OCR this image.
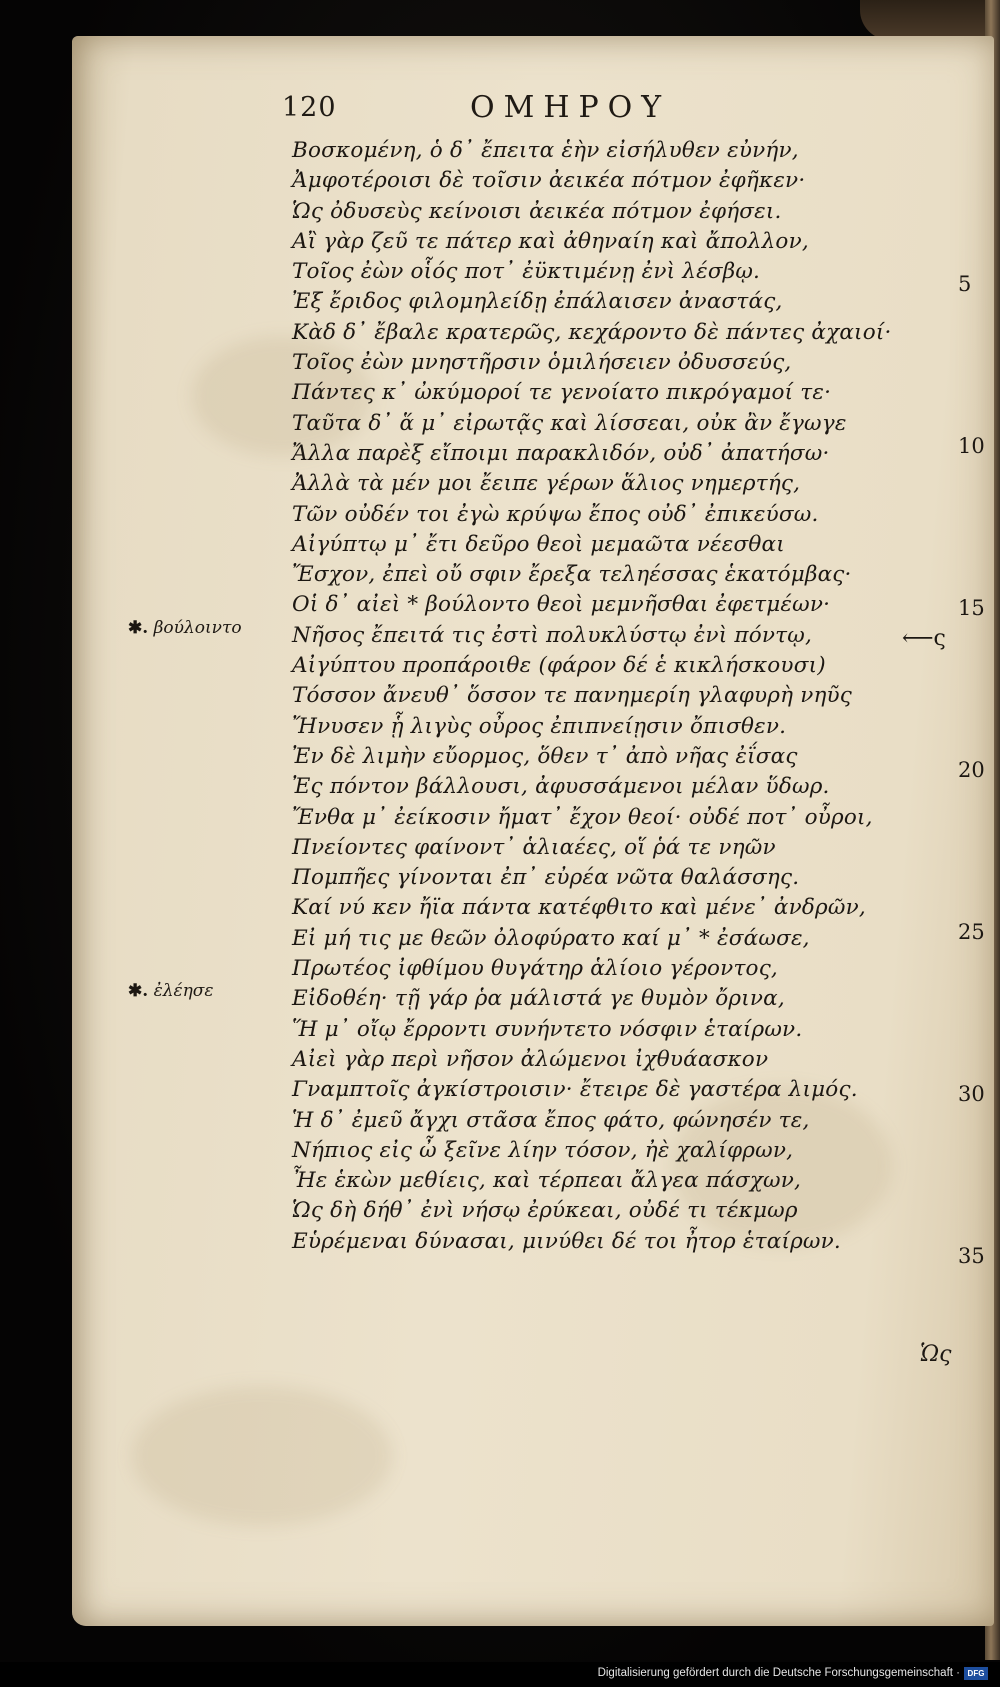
120	ΟΜΗΡΟΥ
Βοσκομένη, ὁ δ᾽ ἔπειτα ἑὴν εἰσήλυθεν εὐνήν,
Ἀμφοτέροισι δὲ τοῖσιν ἀεικέα πότμον ἐφῆκεν·
Ὡς ὀδυσεὺς κείνοισι ἀεικέα πότμον ἐφήσει.
Αἲ γὰρ ζεῦ τε πάτερ καὶ ἀθηναίη καὶ ἄπολλον,
Τοῖος ἐὼν οἷός ποτ᾽ ἐϋκτιμένῃ ἐνὶ λέσβῳ.
Ἐξ ἔριδος φιλομηλείδῃ ἐπάλαισεν ἀναστάς,
Κὰδ δ᾽ ἔβαλε κρατερῶς, κεχάροντο δὲ πάντες ἀχαιοί·
Τοῖος ἐὼν μνηστῆρσιν ὁμιλήσειεν ὀδυσσεύς,
Πάντες κ᾽ ὠκύμοροί τε γενοίατο πικρόγαμοί τε·
Ταῦτα δ᾽ ἅ μ᾽ εἰρωτᾷς καὶ λίσσεαι, οὐκ ἂν ἔγωγε
Ἄλλα παρὲξ εἴποιμι παρακλιδόν, οὐδ᾽ ἀπατήσω·
Ἀλλὰ τὰ μέν μοι ἔειπε γέρων ἅλιος νημερτής,
Τῶν οὐδέν τοι ἐγὼ κρύψω ἔπος οὐδ᾽ ἐπικεύσω.
Αἰγύπτῳ μ᾽ ἔτι δεῦρο θεοὶ μεμαῶτα νέεσθαι
Ἔσχον, ἐπεὶ οὔ σφιν ἔρεξα τεληέσσας ἑκατόμβας·
Οἱ δ᾽ αἰεὶ * βούλοντο θεοὶ μεμνῆσθαι ἐφετμέων·
Νῆσος ἔπειτά τις ἐστὶ πολυκλύστῳ ἐνὶ πόντῳ,
Αἰγύπτου προπάροιθε (φάρον δέ ἑ κικλήσκουσι)
Τόσσον ἄνευθ᾽ ὅσσον τε πανημερίη γλαφυρὴ νηῦς
Ἤνυσεν ᾗ λιγὺς οὖρος ἐπιπνείῃσιν ὄπισθεν.
Ἐν δὲ λιμὴν εὔορμος, ὅθεν τ᾽ ἀπὸ νῆας ἐΐσας
Ἐς πόντον βάλλουσι, ἀφυσσάμενοι μέλαν ὕδωρ.
Ἔνθα μ᾽ ἐείκοσιν ἤματ᾽ ἔχον θεοί· οὐδέ ποτ᾽ οὖροι,
Πνείοντες φαίνοντ᾽ ἁλιαέες, οἵ ῥά τε νηῶν
Πομπῆες γίνονται ἐπ᾽ εὐρέα νῶτα θαλάσσης.
Καί νύ κεν ἤϊα πάντα κατέφθιτο καὶ μένε᾽ ἀνδρῶν,
Εἰ μή τις με θεῶν ὀλοφύρατο καί μ᾽ * ἐσάωσε,
Πρωτέος ἰφθίμου θυγάτηρ ἁλίοιο γέροντος,
Εἰδοθέη· τῇ γάρ ῥα μάλιστά γε θυμὸν ὄρινα,
Ἥ μ᾽ οἴῳ ἔρροντι συνήντετο νόσφιν ἑταίρων.
Αἰεὶ γὰρ περὶ νῆσον ἀλώμενοι ἰχθυάασκον
Γναμπτοῖς ἀγκίστροισιν· ἔτειρε δὲ γαστέρα λιμός.
Ἡ δ᾽ ἐμεῦ ἄγχι στᾶσα ἔπος φάτο, φώνησέν τε,
Νήπιος εἰς ὦ ξεῖνε λίην τόσον, ἠὲ χαλίφρων,
Ἦε ἑκὼν μεθίεις, καὶ τέρπεαι ἄλγεα πάσχων,
Ὡς δὴ δήθ᾽ ἐνὶ νήσῳ ἐρύκεαι, οὐδέ τι τέκμωρ
Εὑρέμεναι δύνασαι, μινύθει δέ τοι ἦτορ ἑταίρων.
✱. βούλοιντο
✱. ἐλέησε
⟵ς
5
10
15
20
25
30
35
Ὡς
Digitalisierung gefördert durch die Deutsche Forschungsgemeinschaft · DFG
